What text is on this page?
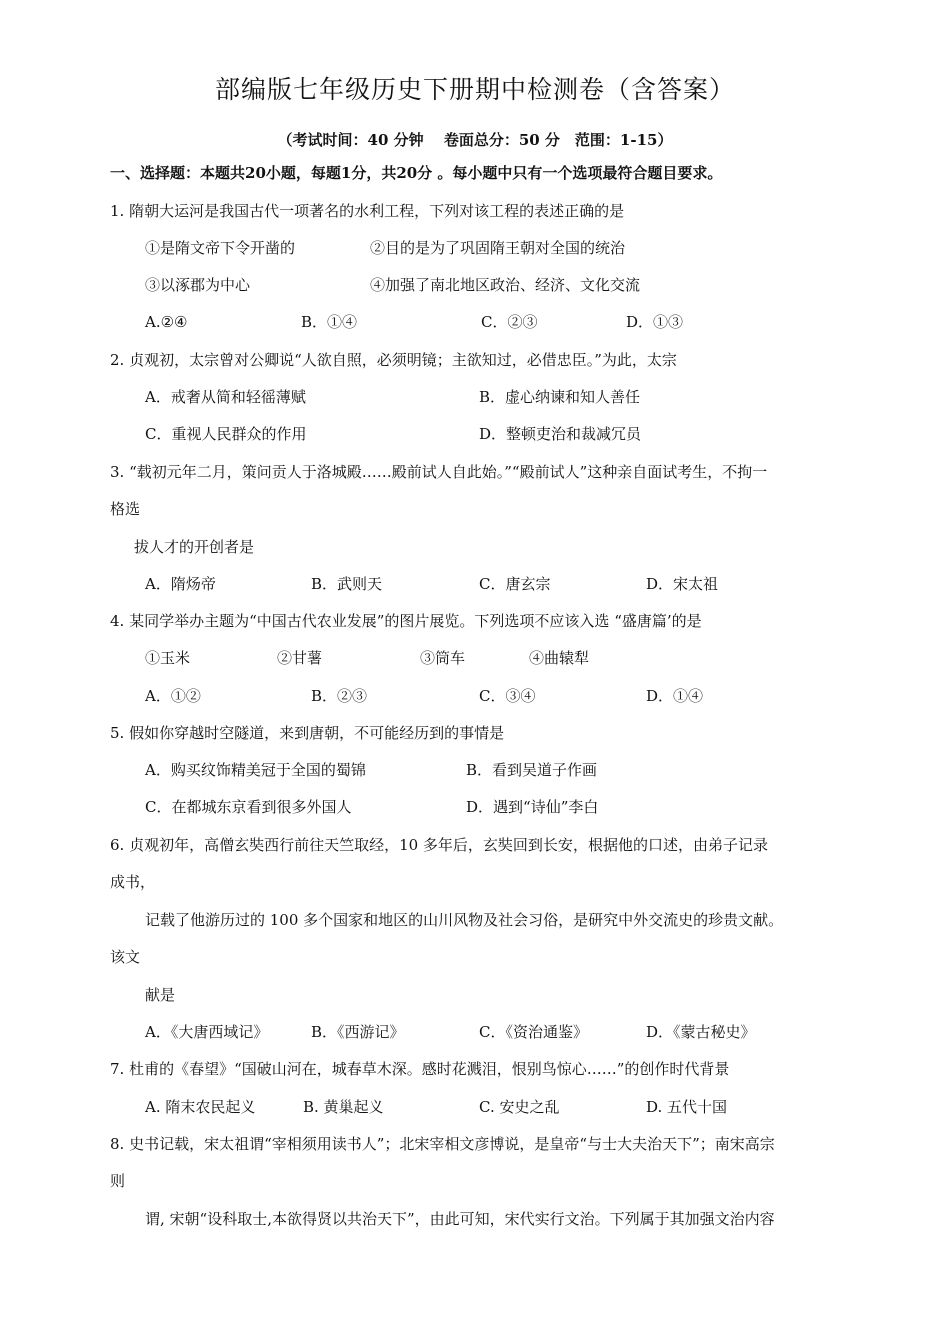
部编版七年级历史下册期中检测卷（含答案）
（考试时间：40 分钟　 卷面总分：50 分　范围：1-15）
一、选择题：本题共20小题，每题1分，共20分 。每小题中只有一个选项最符合题目要求。
1. 隋朝大运河是我国古代一项著名的水利工程，下列对该工程的表述正确的是
①是隋文帝下令开凿的	②目的是为了巩固隋王朝对全国的统治
③以涿郡为中心	④加强了南北地区政治、经济、文化交流
A.②④	B．①④	C．②③	D．①③
2. 贞观初，太宗曾对公卿说“人欲自照，必须明镜；主欲知过，必借忠臣。”为此，太宗
A．戒奢从简和轻徭薄赋	B．虚心纳谏和知人善任
C．重视人民群众的作用	D．整顿吏治和裁减冗员
3. “载初元年二月，策问贡人于洛城殿……殿前试人自此始。”“殿前试人”这种亲自面试考生，不拘一
格选
拔人才的开创者是
A．隋炀帝	B．武则天	C．唐玄宗	D．宋太祖
4. 某同学举办主题为“中国古代农业发展”的图片展览。下列选项不应该入选 “盛唐篇’的是
①玉米	②甘薯	③筒车	④曲辕犁
A．①②	B．②③	C．③④	D．①④
5. 假如你穿越时空隧道，来到唐朝，不可能经历到的事情是
A．购买纹饰精美冠于全国的蜀锦	B．看到吴道子作画
C．在都城东京看到很多外国人	D．遇到“诗仙”李白
6. 贞观初年，高僧玄奘西行前往天竺取经，10 多年后，玄奘回到长安，根据他的口述，由弟子记录
成书，
记载了他游历过的 100 多个国家和地区的山川风物及社会习俗，是研究中外交流史的珍贵文献。
该文
献是
A．《大唐西域记》	B．《西游记》	C．《资治通鉴》	D．《蒙古秘史》
7. 杜甫的《春望》“国破山河在，城春草木深。感时花溅泪，恨别鸟惊心……”的创作时代背景
A. 隋末农民起义	B. 黄巢起义	C. 安史之乱	D. 五代十国
8. 史书记载，宋太祖谓“宰相须用读书人”；北宋宰相文彦博说，是皇帝“与士大夫治天下”；南宋高宗
则
谓, 宋朝“设科取士,本欲得贤以共治天下”，由此可知，宋代实行文治。下列属于其加强文治内容
